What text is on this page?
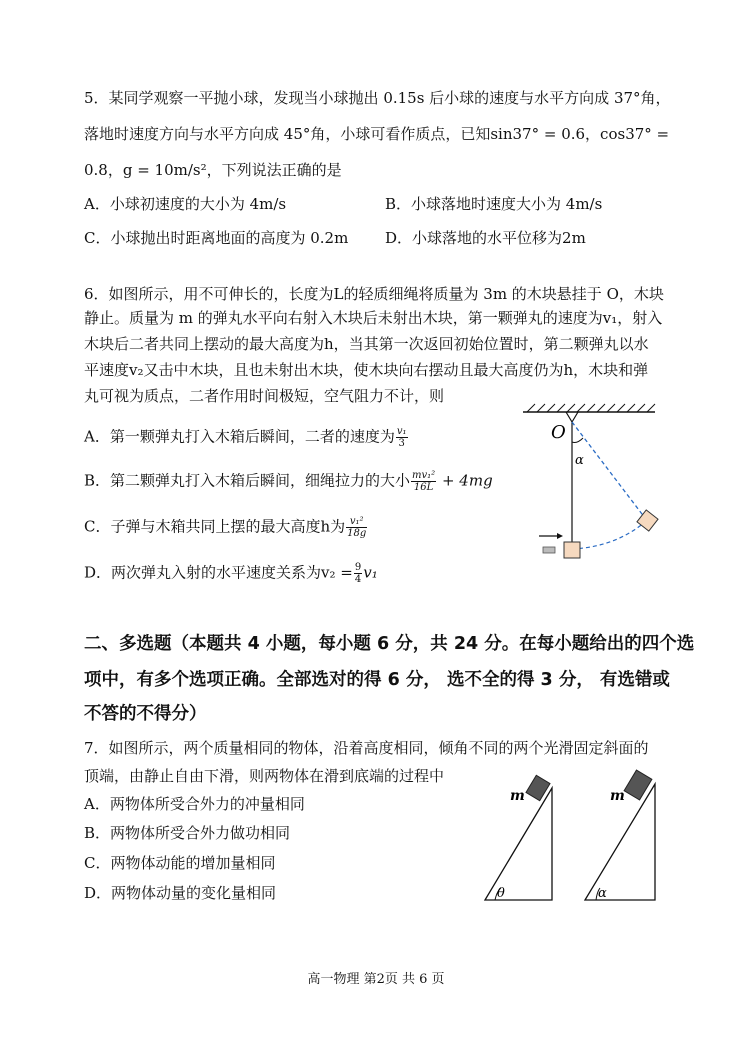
5．某同学观察一平抛小球，发现当小球抛出 0.15s 后小球的速度与水平方向成 37°角，
落地时速度方向与水平方向成 45°角，小球可看作质点，已知sin37° = 0.6，cos37° =
0.8，g = 10m/s²，下列说法正确的是
A．小球初速度的大小为 4m/s	B．小球落地时速度大小为 4m/s
C．小球抛出时距离地面的高度为 0.2m D．小球落地的水平位移为2m
6．如图所示，用不可伸长的，长度为L的轻质细绳将质量为 3m 的木块悬挂于 O，木块
静止。质量为 m 的弹丸水平向右射入木块后未射出木块，第一颗弹丸的速度为v₁，射入
木块后二者共同上摆动的最大高度为h，当其第一次返回初始位置时，第二颗弹丸以水
平速度v₂又击中木块，且也未射出木块，使木块向右摆动且最大高度仍为h，木块和弹
丸可视为质点，二者作用时间极短，空气阻力不计，则
A．第一颗弹丸打入木箱后瞬间，二者的速度为 $\frac{\text{v₁}}{3}$
B．第二颗弹丸打入木箱后瞬间，细绳拉力的大小 $\frac{\text{mv₁²}}{16L} + 4mg$
C．子弹与木箱共同上摆的最大高度h为 $\frac{\text{v₁²}}{18g}$
D．两次弹丸入射的水平速度关系为$v_2 = \frac{9}{4} v_1$
O
α
二、多选题（本题共 4 小题，每小题 6 分，共 24 分。在每小题给出的四个选
项中，有多个选项正确。全部选对的得 6 分， 选不全的得 3 分， 有选错或
不答的不得分）
7．如图所示，两个质量相同的物体，沿着高度相同，倾角不同的两个光滑固定斜面的
顶端，由静止自由下滑，则两物体在滑到底端的过程中
A．两物体所受合外力的冲量相同
B．两物体所受合外力做功相同
C．两物体动能的增加量相同
D．两物体动量的变化量相同
m
θ
m
α
高一物理 第2页 共 6 页
